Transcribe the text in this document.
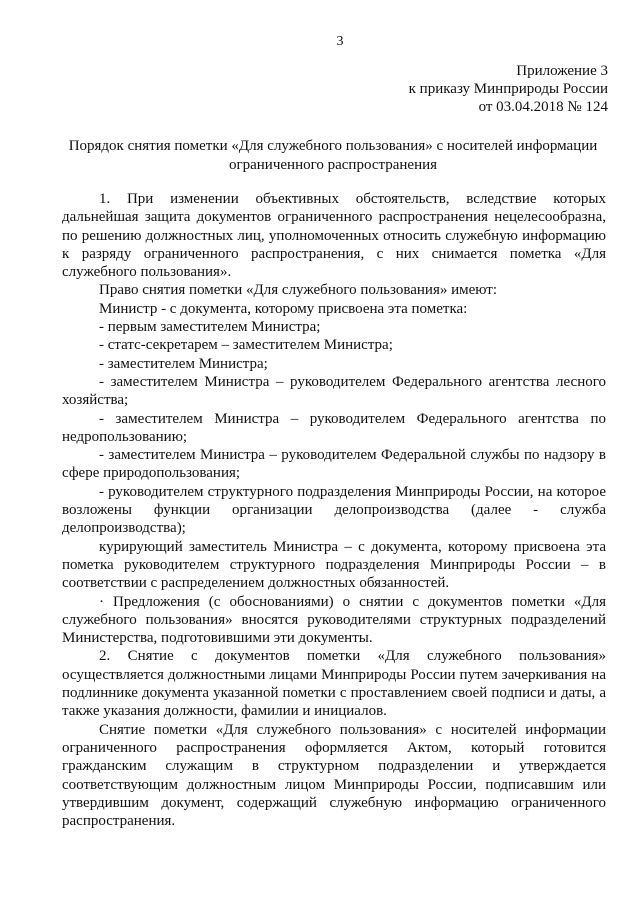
3
Приложение 3
к приказу Минприроды России
от 03.04.2018 № 124
Порядок снятия пометки «Для служебного пользования» с носителей информации
ограниченного распространения

1. При изменении объективных обстоятельств, вследствие которых дальнейшая защита документов ограниченного распространения нецелесообразна, по решению должностных лиц, уполномоченных относить служебную информацию к разряду ограниченного распространения, с них снимается пометка «Для служебного пользования».

Право снятия пометки «Для служебного пользования» имеют:

Министр - с документа, которому присвоена эта пометка:

- первым заместителем Министра;

- статс-секретарем – заместителем Министра;

- заместителем Министра;

- заместителем Министра – руководителем Федерального агентства лесного хозяйства;

- заместителем Министра – руководителем Федерального агентства по недропользованию;

- заместителем Министра – руководителем Федеральной службы по надзору в сфере природопользования;

- руководителем структурного подразделения Минприроды России, на которое возложены функции организации делопроизводства (далее - служба делопроизводства);

курирующий заместитель Министра – с документа, которому присвоена эта пометка руководителем структурного подразделения Минприроды России – в соответствии с распределением должностных обязанностей.

· Предложения (с обоснованиями) о снятии с документов пометки «Для служебного пользования» вносятся руководителями структурных подразделений Министерства, подготовившими эти документы.

2. Снятие с документов пометки «Для служебного пользования» осуществляется должностными лицами Минприроды России путем зачеркивания на подлиннике документа указанной пометки с проставлением своей подписи и даты, а также указания должности, фамилии и инициалов.

Снятие пометки «Для служебного пользования» с носителей информации ограниченного распространения оформляется Актом, который готовится гражданским служащим в структурном подразделении и утверждается соответствующим должностным лицом Минприроды России, подписавшим или утвердившим документ, содержащий служебную информацию ограниченного распространения.
